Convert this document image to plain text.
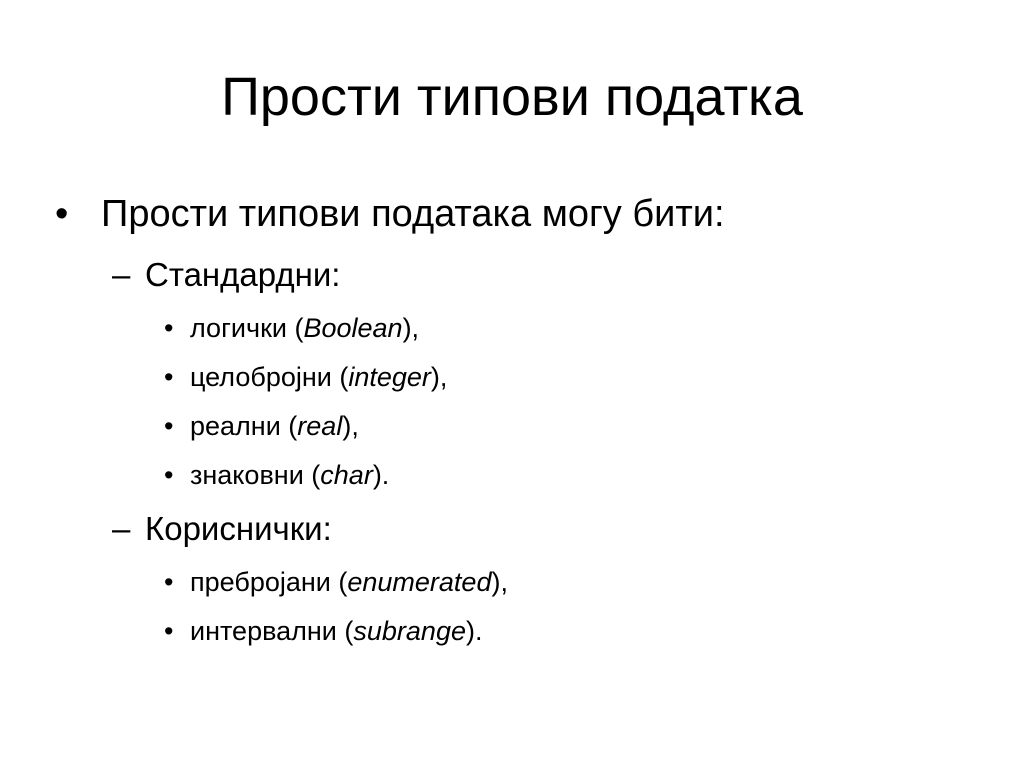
Прости типови податка
• Прости типови података могу бити:
– Стандардни:
• логички ( Boolean ),
• целобројни ( integer ),
• реални ( real ),
• знаковни ( char ).
– Кориснички:
• пребројани ( enumerated ),
• интервални ( subrange ).
